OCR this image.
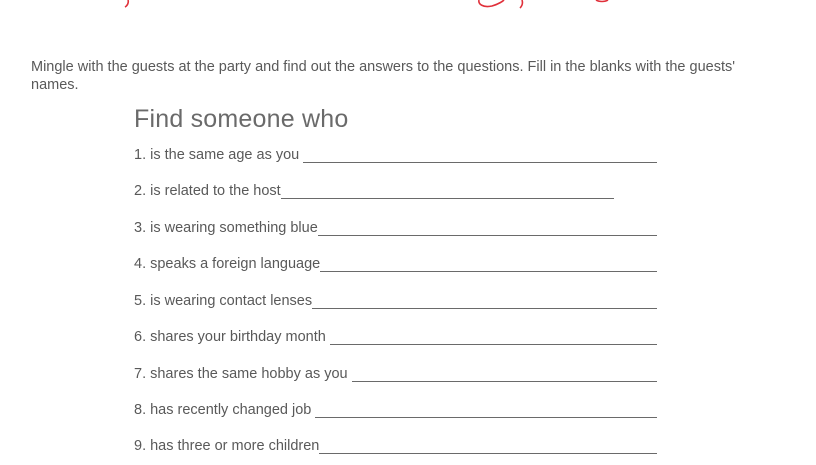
Mingle with the guests at the party and find out the answers to the questions. Fill in the blanks with the guests' names.
Find someone who
1. is the same age as you
2. is related to the host
3. is wearing something blue
4. speaks a foreign language
5. is wearing contact lenses
6. shares your birthday month
7. shares the same hobby as you
8. has recently changed job
9. has three or more children
